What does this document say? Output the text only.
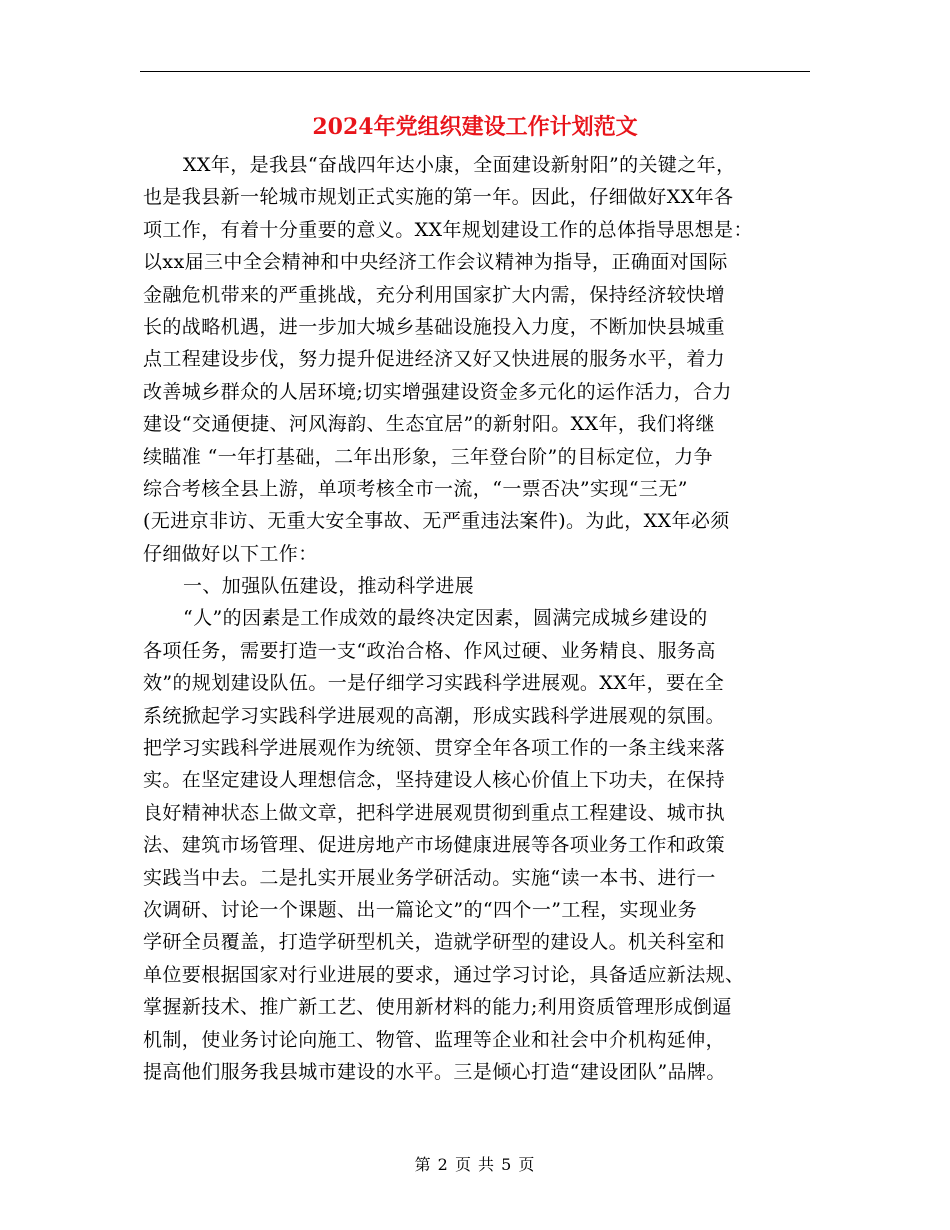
2024年党组织建设工作计划范文
XX年，是我县“奋战四年达小康，全面建设新射阳”的关键之年，
也是我县新一轮城市规划正式实施的第一年。因此，仔细做好XX年各
项工作，有着十分重要的意义。XX年规划建设工作的总体指导思想是：
以xx届三中全会精神和中央经济工作会议精神为指导，正确面对国际
金融危机带来的严重挑战，充分利用国家扩大内需，保持经济较快增
长的战略机遇，进一步加大城乡基础设施投入力度，不断加快县城重
点工程建设步伐，努力提升促进经济又好又快进展的服务水平，着力
改善城乡群众的人居环境;切实增强建设资金多元化的运作活力，合力
建设“交通便捷、河风海韵、生态宜居”的新射阳。XX年，我们将继
续瞄准 “一年打基础，二年出形象，三年登台阶”的目标定位，力争
综合考核全县上游，单项考核全市一流，“一票否决”实现“三无”
(无进京非访、无重大安全事故、无严重违法案件)。为此，XX年必须
仔细做好以下工作：
一、加强队伍建设，推动科学进展
“人”的因素是工作成效的最终决定因素，圆满完成城乡建设的
各项任务，需要打造一支“政治合格、作风过硬、业务精良、服务高
效”的规划建设队伍。一是仔细学习实践科学进展观。XX年，要在全
系统掀起学习实践科学进展观的高潮，形成实践科学进展观的氛围。
把学习实践科学进展观作为统领、贯穿全年各项工作的一条主线来落
实。在坚定建设人理想信念，坚持建设人核心价值上下功夫，在保持
良好精神状态上做文章，把科学进展观贯彻到重点工程建设、城市执
法、建筑市场管理、促进房地产市场健康进展等各项业务工作和政策
实践当中去。二是扎实开展业务学研活动。实施“读一本书、进行一
次调研、讨论一个课题、出一篇论文”的“四个一”工程，实现业务
学研全员覆盖，打造学研型机关，造就学研型的建设人。机关科室和
单位要根据国家对行业进展的要求，通过学习讨论，具备适应新法规、
掌握新技术、推广新工艺、使用新材料的能力;利用资质管理形成倒逼
机制，使业务讨论向施工、物管、监理等企业和社会中介机构延伸，
提高他们服务我县城市建设的水平。三是倾心打造“建设团队”品牌。
第 2 页 共 5 页
